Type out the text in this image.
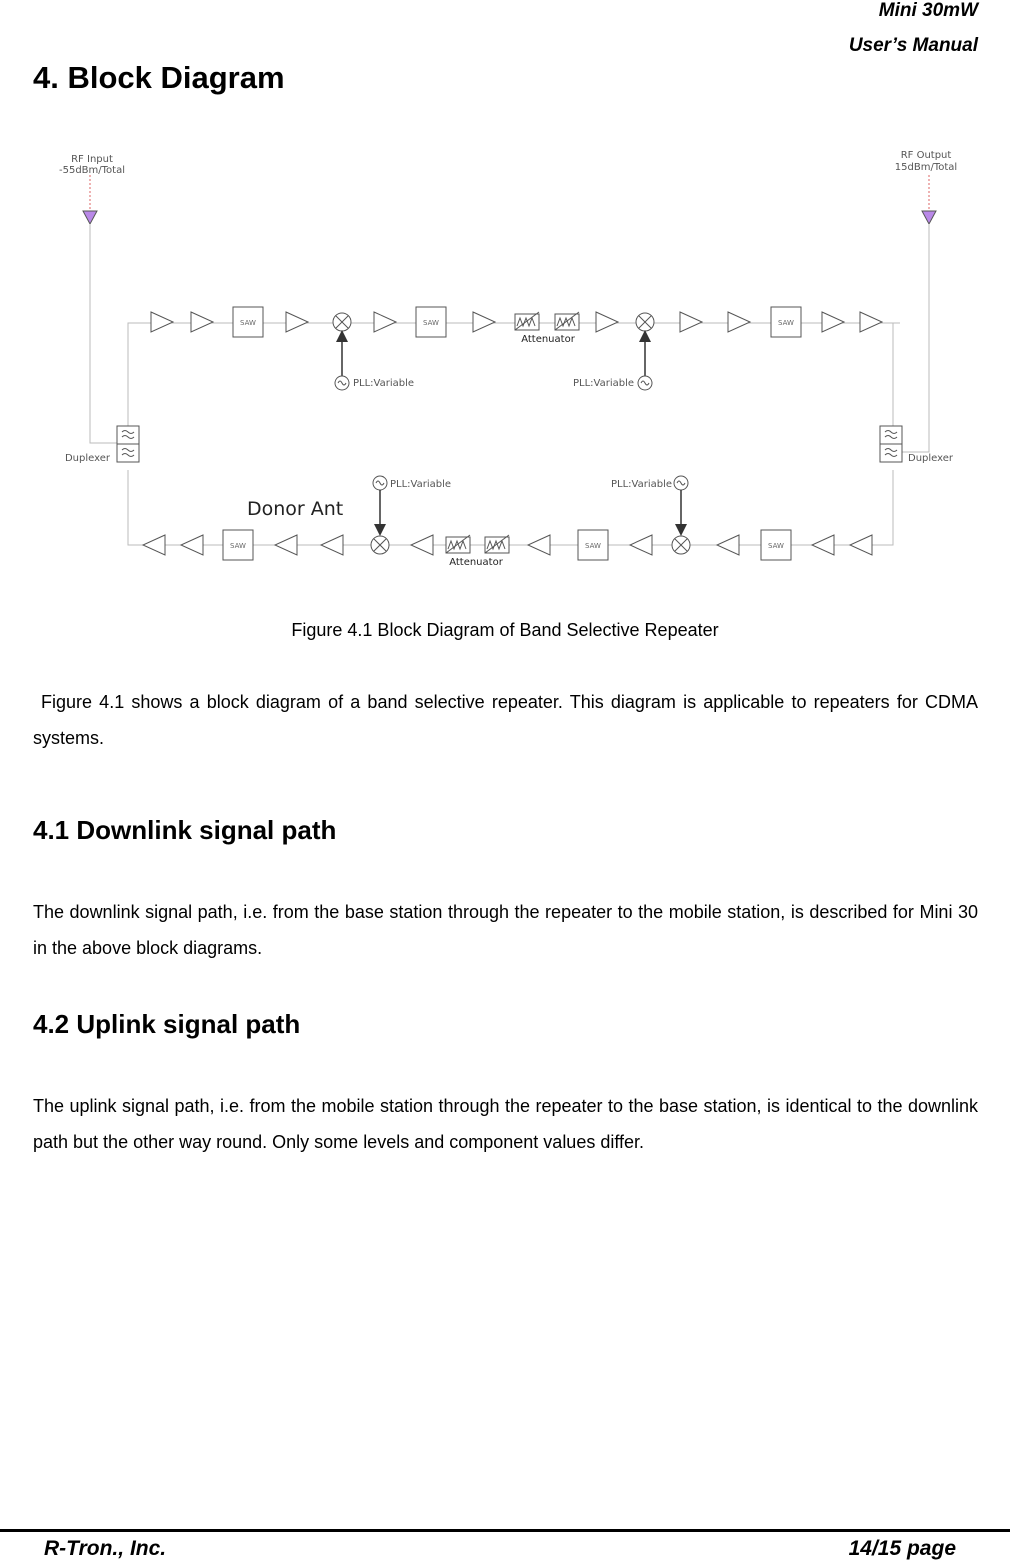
Mini 30mW
User’s Manual
4. Block Diagram
RF Input
-55dBm/Total
RF Output
15dBm/Total
Duplexer	Duplexer
SAW	SAW	SAW
Attenuator
PLL:Variable	PLL:Variable
SAW	SAW	SAW
Attenuator
PLL:Variable	PLL:Variable
Donor Ant
Figure 4.1 Block Diagram of Band Selective Repeater

Figure 4.1 shows a block diagram of a band selective repeater. This diagram is applicable to repeaters for CDMA systems.

4.1 Downlink signal path

The downlink signal path, i.e. from the base station through the repeater to the mobile station, is described for Mini 30 in the above block diagrams.

4.2 Uplink signal path

The uplink signal path, i.e. from the mobile station through the repeater to the base station, is identical to the downlink path but the other way round. Only some levels and component values differ.

R-Tron., Inc.	14/15 page
